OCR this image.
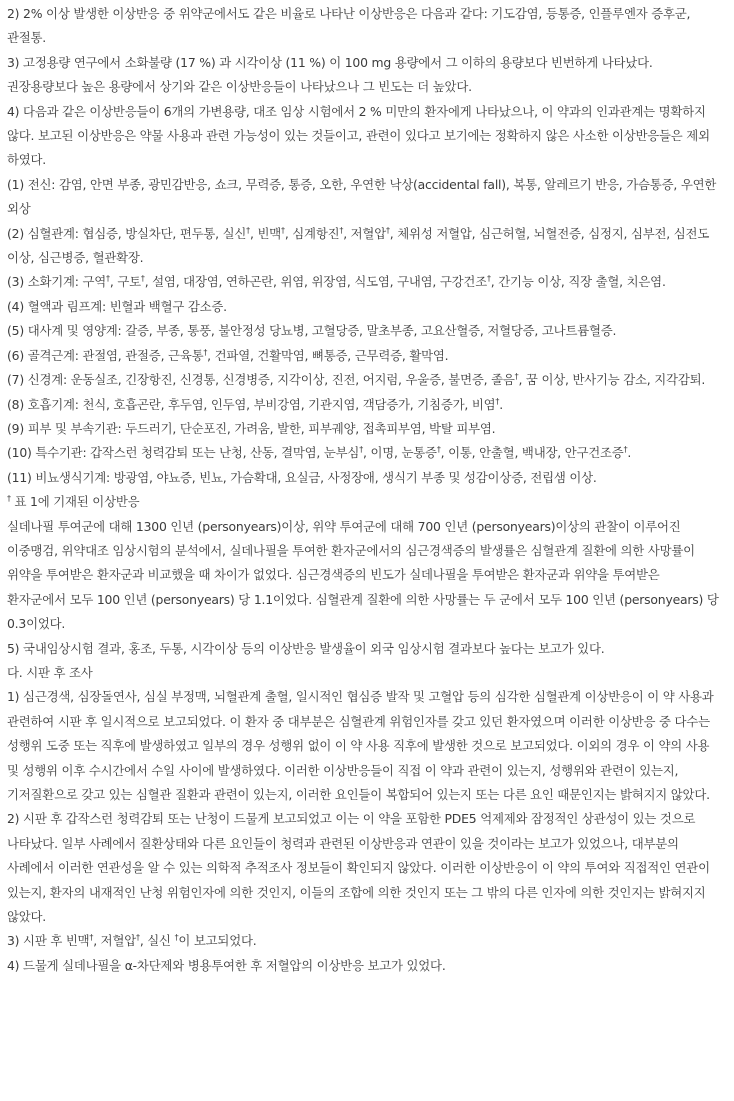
2) 2% 이상 발생한 이상반응 중 위약군에서도 같은 비율로 나타난 이상반응은 다음과 같다: 기도감염, 등통증, 인플루엔자 증후군, 관절통.

3) 고정용량 연구에서 소화불량 (17 %) 과 시각이상 (11 %) 이 100 mg 용량에서 그 이하의 용량보다 빈번하게 나타났다. 권장용량보다 높은 용량에서 상기와 같은 이상반응들이 나타났으나 그 빈도는 더 높았다.

4) 다음과 같은 이상반응들이 6개의 가변용량, 대조 임상 시험에서 2 % 미만의 환자에게 나타났으나, 이 약과의 인과관계는 명확하지 않다. 보고된 이상반응은 약물 사용과 관련 가능성이 있는 것들이고, 관련이 있다고 보기에는 정확하지 않은 사소한 이상반응들은 제외 하였다.

(1) 전신: 감염, 안면 부종, 광민감반응, 쇼크, 무력증, 통증, 오한, 우연한 낙상(accidental fall), 복통, 알레르기 반응, 가슴통증, 우연한 외상

(2) 심혈관계: 협심증, 방실차단, 편두통, 실신†, 빈맥†, 심계항진†, 저혈압†, 체위성 저혈압, 심근허혈, 뇌혈전증, 심정지, 심부전, 심전도 이상, 심근병증, 혈관확장.

(3) 소화기계: 구역†, 구토†, 설염, 대장염, 연하곤란, 위염, 위장염, 식도염, 구내염, 구강건조†, 간기능 이상, 직장 출혈, 치은염.

(4) 혈액과 림프계: 빈혈과 백혈구 감소증.

(5) 대사계 및 영양계: 갈증, 부종, 통풍, 불안정성 당뇨병, 고혈당증, 말초부종, 고요산혈증, 저혈당증, 고나트륨혈증.

(6) 골격근계: 관절염, 관절증, 근육통†, 건파열, 건활막염, 뼈통증, 근무력증, 활막염.

(7) 신경계: 운동실조, 긴장항진, 신경통, 신경병증, 지각이상, 진전, 어지럼, 우울증, 불면증, 졸음†, 꿈 이상, 반사기능 감소, 지각감퇴.

(8) 호흡기계: 천식, 호흡곤란, 후두염, 인두염, 부비강염, 기관지염, 객담증가, 기침증가, 비염†.

(9) 피부 및 부속기관: 두드러기, 단순포진, 가려움, 발한, 피부궤양, 접촉피부염, 박탈 피부염.

(10) 특수기관: 갑작스런 청력감퇴 또는 난청, 산동, 결막염, 눈부심†, 이명, 눈통증†, 이통, 안출혈, 백내장, 안구건조증†.

(11) 비뇨생식기계: 방광염, 야뇨증, 빈뇨, 가슴확대, 요실금, 사정장애, 생식기 부종 및 성감이상증, 전립샘 이상.

† 표 1에 기재된 이상반응

실데나필 투여군에 대해 1300 인년 (personyears)이상, 위약 투여군에 대해 700 인년 (personyears)이상의 관찰이 이루어진 이중맹검, 위약대조 임상시험의 분석에서, 실데나필을 투여한 환자군에서의 심근경색증의 발생률은 심혈관계 질환에 의한 사망률이 위약을 투여받은 환자군과 비교했을 때 차이가 없었다. 심근경색증의 빈도가 실데나필을 투여받은 환자군과 위약을 투여받은 환자군에서 모두 100 인년 (personyears) 당 1.1이었다. 심혈관계 질환에 의한 사망률는 두 군에서 모두 100 인년 (personyears) 당 0.3이었다.

5) 국내임상시험 결과, 홍조, 두통, 시각이상 등의 이상반응 발생율이 외국 임상시험 결과보다 높다는 보고가 있다.

다. 시판 후 조사

1) 심근경색, 심장돌연사, 심실 부정맥, 뇌혈관계 출혈, 일시적인 협심증 발작 및 고혈압 등의 심각한 심혈관계 이상반응이 이 약 사용과 관련하여 시판 후 일시적으로 보고되었다. 이 환자 중 대부분은 심혈관계 위험인자를 갖고 있던 환자였으며 이러한 이상반응 중 다수는 성행위 도중 또는 직후에 발생하였고 일부의 경우 성행위 없이 이 약 사용 직후에 발생한 것으로 보고되었다. 이외의 경우 이 약의 사용 및 성행위 이후 수시간에서 수일 사이에 발생하였다. 이러한 이상반응들이 직접 이 약과 관련이 있는지, 성행위와 관련이 있는지, 기저질환으로 갖고 있는 심혈관 질환과 관련이 있는지, 이러한 요인들이 복합되어 있는지 또는 다른 요인 때문인지는 밝혀지지 않았다.

2) 시판 후 갑작스런 청력감퇴 또는 난청이 드물게 보고되었고 이는 이 약을 포함한 PDE5 억제제와 잠정적인 상관성이 있는 것으로 나타났다. 일부 사례에서 질환상태와 다른 요인들이 청력과 관련된 이상반응과 연관이 있을 것이라는 보고가 있었으나, 대부분의 사례에서 이러한 연관성을 알 수 있는 의학적 추적조사 정보들이 확인되지 않았다. 이러한 이상반응이 이 약의 투여와 직접적인 연관이 있는지, 환자의 내재적인 난청 위험인자에 의한 것인지, 이들의 조합에 의한 것인지 또는 그 밖의 다른 인자에 의한 것인지는 밝혀지지 않았다.

3) 시판 후 빈맥†, 저혈압†, 실신 †이 보고되었다.

4) 드물게 실데나필을 α-차단제와 병용투여한 후 저혈압의 이상반응 보고가 있었다.
